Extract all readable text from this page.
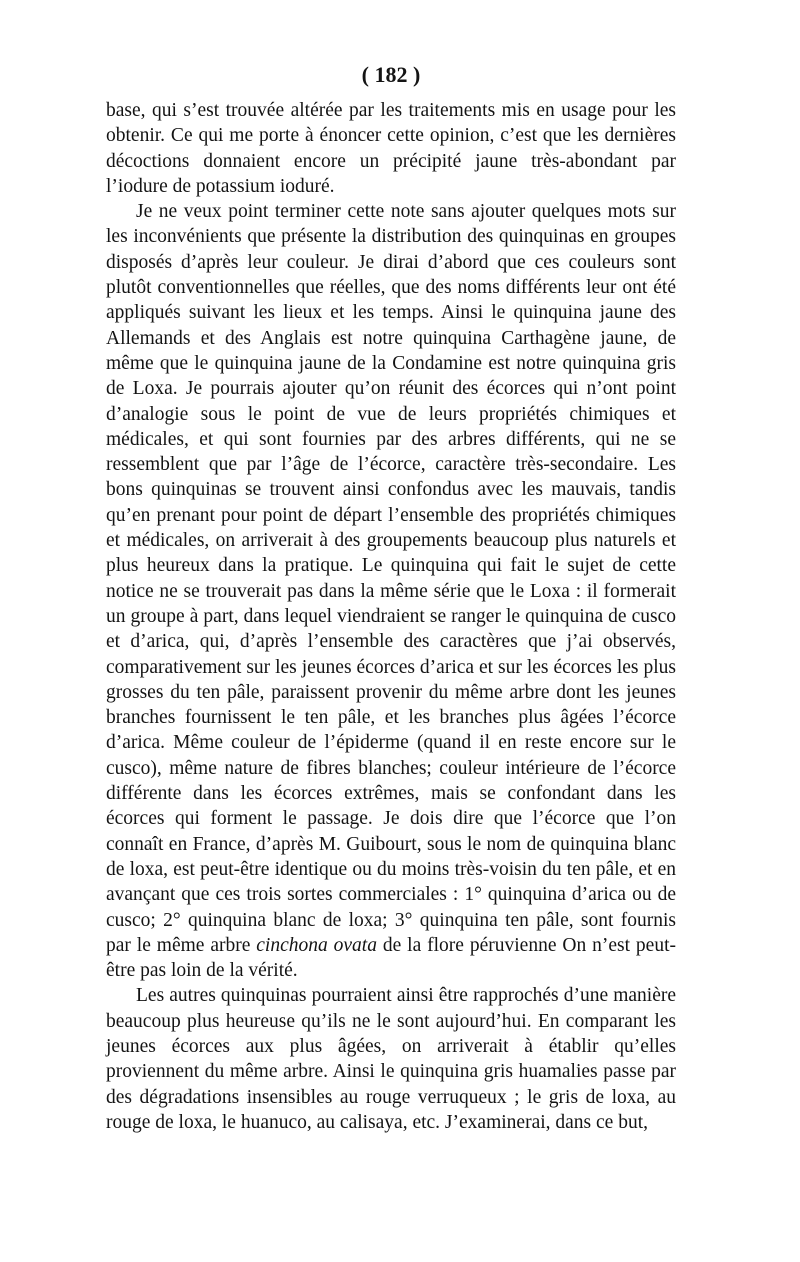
( 182 )

base, qui s’est trouvée altérée par les traitements mis en usage pour les obtenir. Ce qui me porte à énoncer cette opinion, c’est que les dernières décoctions donnaient encore un précipité jaune très-abondant par l’iodure de potassium ioduré.

Je ne veux point terminer cette note sans ajouter quelques mots sur les inconvénients que présente la distribution des quinquinas en groupes disposés d’après leur couleur. Je dirai d’abord que ces couleurs sont plutôt conventionnelles que réelles, que des noms différents leur ont été appliqués suivant les lieux et les temps. Ainsi le quinquina jaune des Allemands et des Anglais est notre quinquina Carthagène jaune, de même que le quinquina jaune de la Condamine est notre quinquina gris de Loxa. Je pourrais ajouter qu’on réunit des écorces qui n’ont point d’analogie sous le point de vue de leurs propriétés chimiques et médicales, et qui sont fournies par des arbres différents, qui ne se ressemblent que par l’âge de l’écorce, caractère très-secondaire. Les bons quinquinas se trouvent ainsi confondus avec les mauvais, tandis qu’en prenant pour point de départ l’ensemble des propriétés chimiques et médicales, on arriverait à des groupements beaucoup plus naturels et plus heureux dans la pratique. Le quinquina qui fait le sujet de cette notice ne se trouverait pas dans la même série que le Loxa : il formerait un groupe à part, dans lequel viendraient se ranger le quinquina de cusco et d’arica, qui, d’après l’ensemble des caractères que j’ai observés, comparativement sur les jeunes écorces d’arica et sur les écorces les plus grosses du ten pâle, paraissent provenir du même arbre dont les jeunes branches fournissent le ten pâle, et les branches plus âgées l’écorce d’arica. Même couleur de l’épiderme (quand il en reste encore sur le cusco), même nature de fibres blanches; couleur intérieure de l’écorce différente dans les écorces extrêmes, mais se confondant dans les écorces qui forment le passage. Je dois dire que l’écorce que l’on connaît en France, d’après M. Guibourt, sous le nom de quinquina blanc de loxa, est peut-être identique ou du moins très-voisin du ten pâle, et en avançant que ces trois sortes commerciales : 1° quinquina d’arica ou de cusco; 2° quinquina blanc de loxa; 3° quinquina ten pâle, sont fournis par le même arbre cinchona ovata de la flore péruvienne On n’est peut-être pas loin de la vérité.

Les autres quinquinas pourraient ainsi être rapprochés d’une manière beaucoup plus heureuse qu’ils ne le sont aujourd’hui. En comparant les jeunes écorces aux plus âgées, on arriverait à établir qu’elles proviennent du même arbre. Ainsi le quinquina gris huamalies passe par des dégradations insensibles au rouge verruqueux ; le gris de loxa, au rouge de loxa, le huanuco, au calisaya, etc. J’examinerai, dans ce but,
